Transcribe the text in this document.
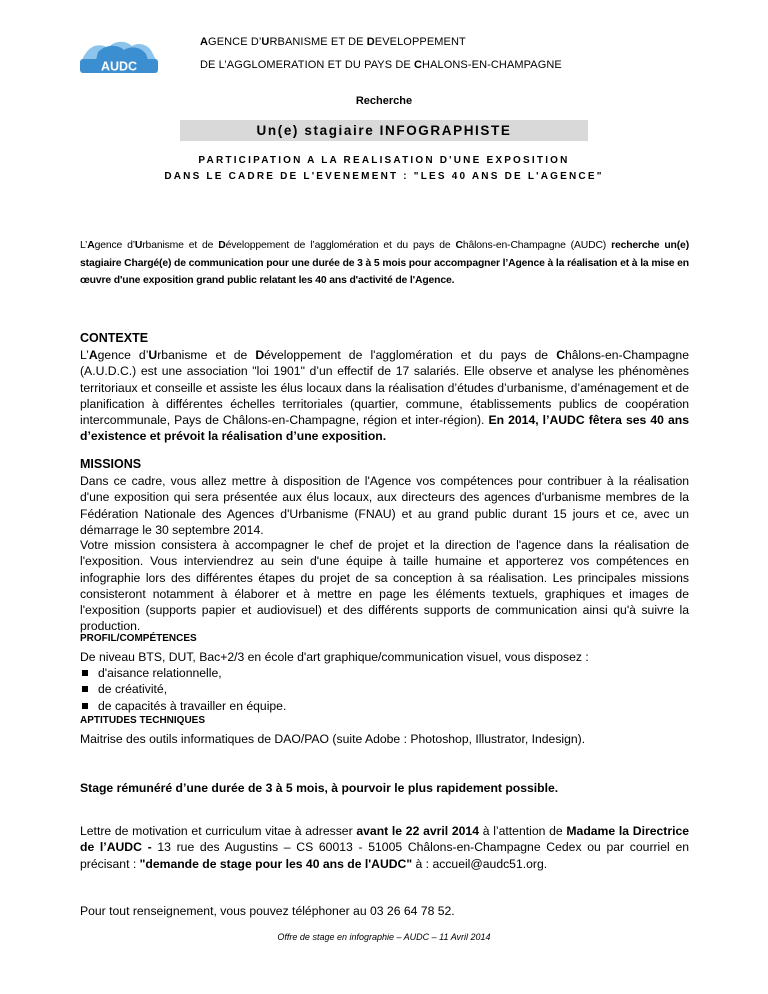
AUDC
AGENCE D’URBANISME ET DE DEVELOPPEMENT
DE L’AGGLOMERATION ET DU PAYS DE CHALONS-EN-CHAMPAGNE
Recherche
Un(e) stagiaire INFOGRAPHISTE
PARTICIPATION A LA REALISATION D'UNE EXPOSITION
DANS LE CADRE DE L'EVENEMENT : "LES 40 ANS DE L'AGENCE"
L’Agence d’Urbanisme et de Développement de l’agglomération et du pays de Châlons-en-Champagne (AUDC) recherche un(e) stagiaire Chargé(e) de communication pour une durée de 3 à 5 mois pour accompagner l’Agence à la réalisation et à la mise en œuvre d'une exposition grand public relatant les 40 ans d'activité de l'Agence.
CONTEXTE
L’Agence d’Urbanisme et de Développement de l'agglomération et du pays de Châlons-en-Champagne (A.U.D.C.) est une association "loi 1901" d’un effectif de 17 salariés. Elle observe et analyse les phénomènes territoriaux et conseille et assiste les élus locaux dans la réalisation d’études d’urbanisme, d’aménagement et de planification à différentes échelles territoriales (quartier, commune, établissements publics de coopération intercommunale, Pays de Châlons-en-Champagne, région et inter-région). En 2014, l’AUDC fêtera ses 40 ans d’existence et prévoit la réalisation d’une exposition.
MISSIONS
Dans ce cadre, vous allez mettre à disposition de l'Agence vos compétences pour contribuer à la réalisation d'une exposition qui sera présentée aux élus locaux, aux directeurs des agences d'urbanisme membres de la Fédération Nationale des Agences d'Urbanisme (FNAU) et au grand public durant 15 jours et ce, avec un démarrage le 30 septembre 2014.
Votre mission consistera à accompagner le chef de projet et la direction de l'agence dans la réalisation de l'exposition. Vous interviendrez au sein d'une équipe à taille humaine et apporterez vos compétences en infographie lors des différentes étapes du projet de sa conception à sa réalisation. Les principales missions consisteront notamment à élaborer et à mettre en page les éléments textuels, graphiques et images de l'exposition (supports papier et audiovisuel) et des différents supports de communication ainsi qu'à suivre la production.
PROFIL/COMPÉTENCES
De niveau BTS, DUT, Bac+2/3 en école d'art graphique/communication visuel, vous disposez :
d'aisance relationnelle,
de créativité,
de capacités à travailler en équipe.
APTITUDES TECHNIQUES
Maitrise des outils informatiques de DAO/PAO (suite Adobe : Photoshop, Illustrator, Indesign).
Stage rémunéré d’une durée de 3 à 5 mois, à pourvoir le plus rapidement possible.
Lettre de motivation et curriculum vitae à adresser avant le 22 avril 2014 à l’attention de Madame la Directrice de l’AUDC - 13 rue des Augustins – CS 60013 - 51005 Châlons-en-Champagne Cedex ou par courriel en précisant : "demande de stage pour les 40 ans de l'AUDC" à : accueil@audc51.org.
Pour tout renseignement, vous pouvez téléphoner au 03 26 64 78 52.
Offre de stage en infographie – AUDC – 11 Avril 2014
